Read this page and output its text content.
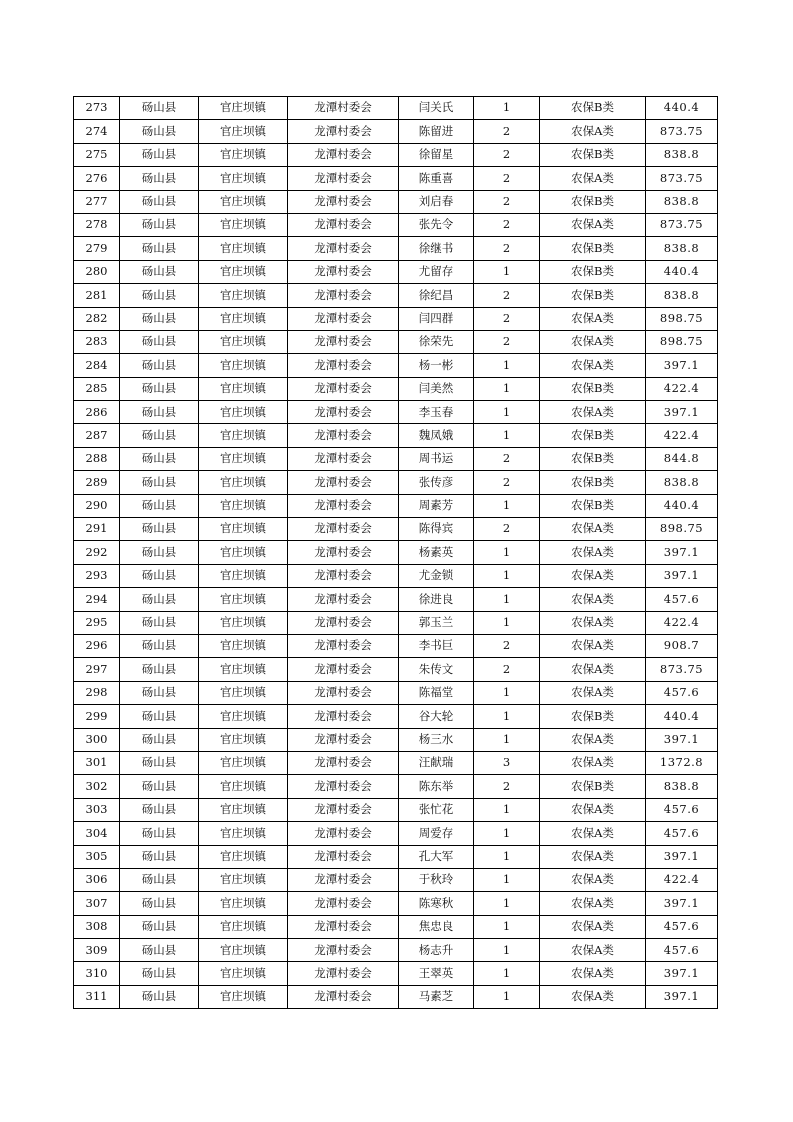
273	砀山县	官庄坝镇	龙潭村委会	闫关氏	1	农保B类	440.4
274	砀山县	官庄坝镇	龙潭村委会	陈留进	2	农保A类	873.75
275	砀山县	官庄坝镇	龙潭村委会	徐留星	2	农保B类	838.8
276	砀山县	官庄坝镇	龙潭村委会	陈重喜	2	农保A类	873.75
277	砀山县	官庄坝镇	龙潭村委会	刘启春	2	农保B类	838.8
278	砀山县	官庄坝镇	龙潭村委会	张先令	2	农保A类	873.75
279	砀山县	官庄坝镇	龙潭村委会	徐继书	2	农保B类	838.8
280	砀山县	官庄坝镇	龙潭村委会	尤留存	1	农保B类	440.4
281	砀山县	官庄坝镇	龙潭村委会	徐纪昌	2	农保B类	838.8
282	砀山县	官庄坝镇	龙潭村委会	闫四群	2	农保A类	898.75
283	砀山县	官庄坝镇	龙潭村委会	徐荣先	2	农保A类	898.75
284	砀山县	官庄坝镇	龙潭村委会	杨一彬	1	农保A类	397.1
285	砀山县	官庄坝镇	龙潭村委会	闫美然	1	农保B类	422.4
286	砀山县	官庄坝镇	龙潭村委会	李玉春	1	农保A类	397.1
287	砀山县	官庄坝镇	龙潭村委会	魏凤娥	1	农保B类	422.4
288	砀山县	官庄坝镇	龙潭村委会	周书运	2	农保B类	844.8
289	砀山县	官庄坝镇	龙潭村委会	张传彦	2	农保B类	838.8
290	砀山县	官庄坝镇	龙潭村委会	周素芳	1	农保B类	440.4
291	砀山县	官庄坝镇	龙潭村委会	陈得宾	2	农保A类	898.75
292	砀山县	官庄坝镇	龙潭村委会	杨素英	1	农保A类	397.1
293	砀山县	官庄坝镇	龙潭村委会	尤金锁	1	农保A类	397.1
294	砀山县	官庄坝镇	龙潭村委会	徐进良	1	农保A类	457.6
295	砀山县	官庄坝镇	龙潭村委会	郭玉兰	1	农保A类	422.4
296	砀山县	官庄坝镇	龙潭村委会	李书巨	2	农保A类	908.7
297	砀山县	官庄坝镇	龙潭村委会	朱传文	2	农保A类	873.75
298	砀山县	官庄坝镇	龙潭村委会	陈福堂	1	农保A类	457.6
299	砀山县	官庄坝镇	龙潭村委会	谷大轮	1	农保B类	440.4
300	砀山县	官庄坝镇	龙潭村委会	杨三水	1	农保A类	397.1
301	砀山县	官庄坝镇	龙潭村委会	汪献瑞	3	农保A类	1372.8
302	砀山县	官庄坝镇	龙潭村委会	陈东举	2	农保B类	838.8
303	砀山县	官庄坝镇	龙潭村委会	张忙花	1	农保A类	457.6
304	砀山县	官庄坝镇	龙潭村委会	周爱存	1	农保A类	457.6
305	砀山县	官庄坝镇	龙潭村委会	孔大军	1	农保A类	397.1
306	砀山县	官庄坝镇	龙潭村委会	于秋玲	1	农保A类	422.4
307	砀山县	官庄坝镇	龙潭村委会	陈寒秋	1	农保A类	397.1
308	砀山县	官庄坝镇	龙潭村委会	焦忠良	1	农保A类	457.6
309	砀山县	官庄坝镇	龙潭村委会	杨志升	1	农保A类	457.6
310	砀山县	官庄坝镇	龙潭村委会	王翠英	1	农保A类	397.1
311	砀山县	官庄坝镇	龙潭村委会	马素芝	1	农保A类	397.1
